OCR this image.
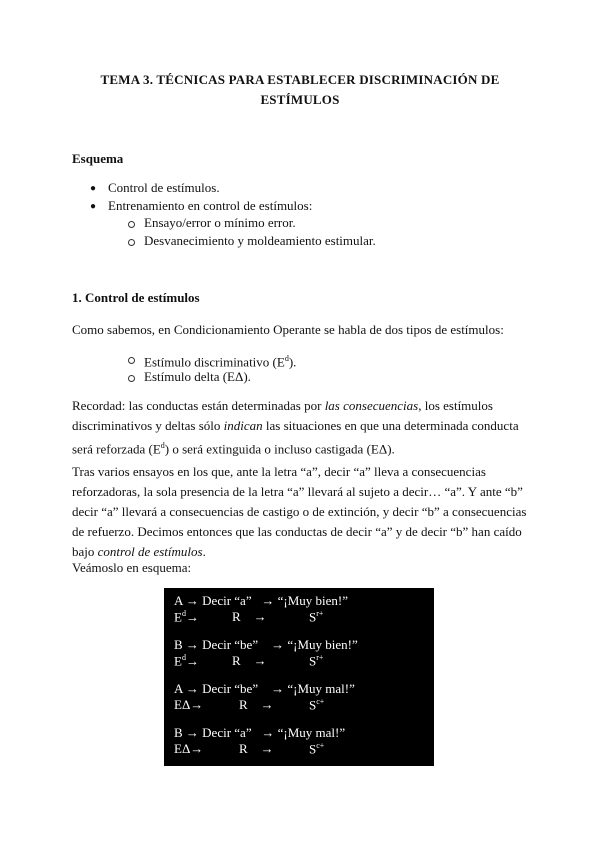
TEMA 3. TÉCNICAS PARA ESTABLECER DISCRIMINACIÓN DE
ESTÍMULOS
Esquema
● Control de estímulos.
● Entrenamiento en control de estímulos:
Ensayo/error o mínimo error.
Desvanecimiento y moldeamiento estimular.
1. Control de estímulos
Como sabemos, en Condicionamiento Operante se habla de dos tipos de estímulos:
Estímulo discriminativo $(E^d)$.
Estímulo delta (EΔ).
Recordad: las conductas están determinadas por las consecuencias, los estímulos discriminativos y deltas sólo indican las situaciones en que una determinada conducta será reforzada $(E^d)$ o será extinguida o incluso castigada (EΔ).
Tras varios ensayos en los que, ante la letra “a”, decir “a” lleva a consecuencias reforzadoras, la sola presencia de la letra “a” llevará al sujeto a decir… “a”. Y ante “b” decir “a” llevará a consecuencias de castigo o de extinción, y decir “b” a consecuencias de refuerzo. Decimos entonces que las conductas de decir “a” y de decir “b” han caído bajo control de estímulos.
Veámoslo en esquema:
A → Decir “a”   → “¡Muy bien!”
$E^d\to$	R    →	$S^{r+}$
B → Decir “be”    → “¡Muy bien!”
$E^d\to$	R    →	$S^{r+}$
A → Decir “be”    → “¡Muy mal!”
EΔ→	R    →	$S^{c+}$
B → Decir “a”   → “¡Muy mal!”
EΔ→	R    →	$S^{c+}$
